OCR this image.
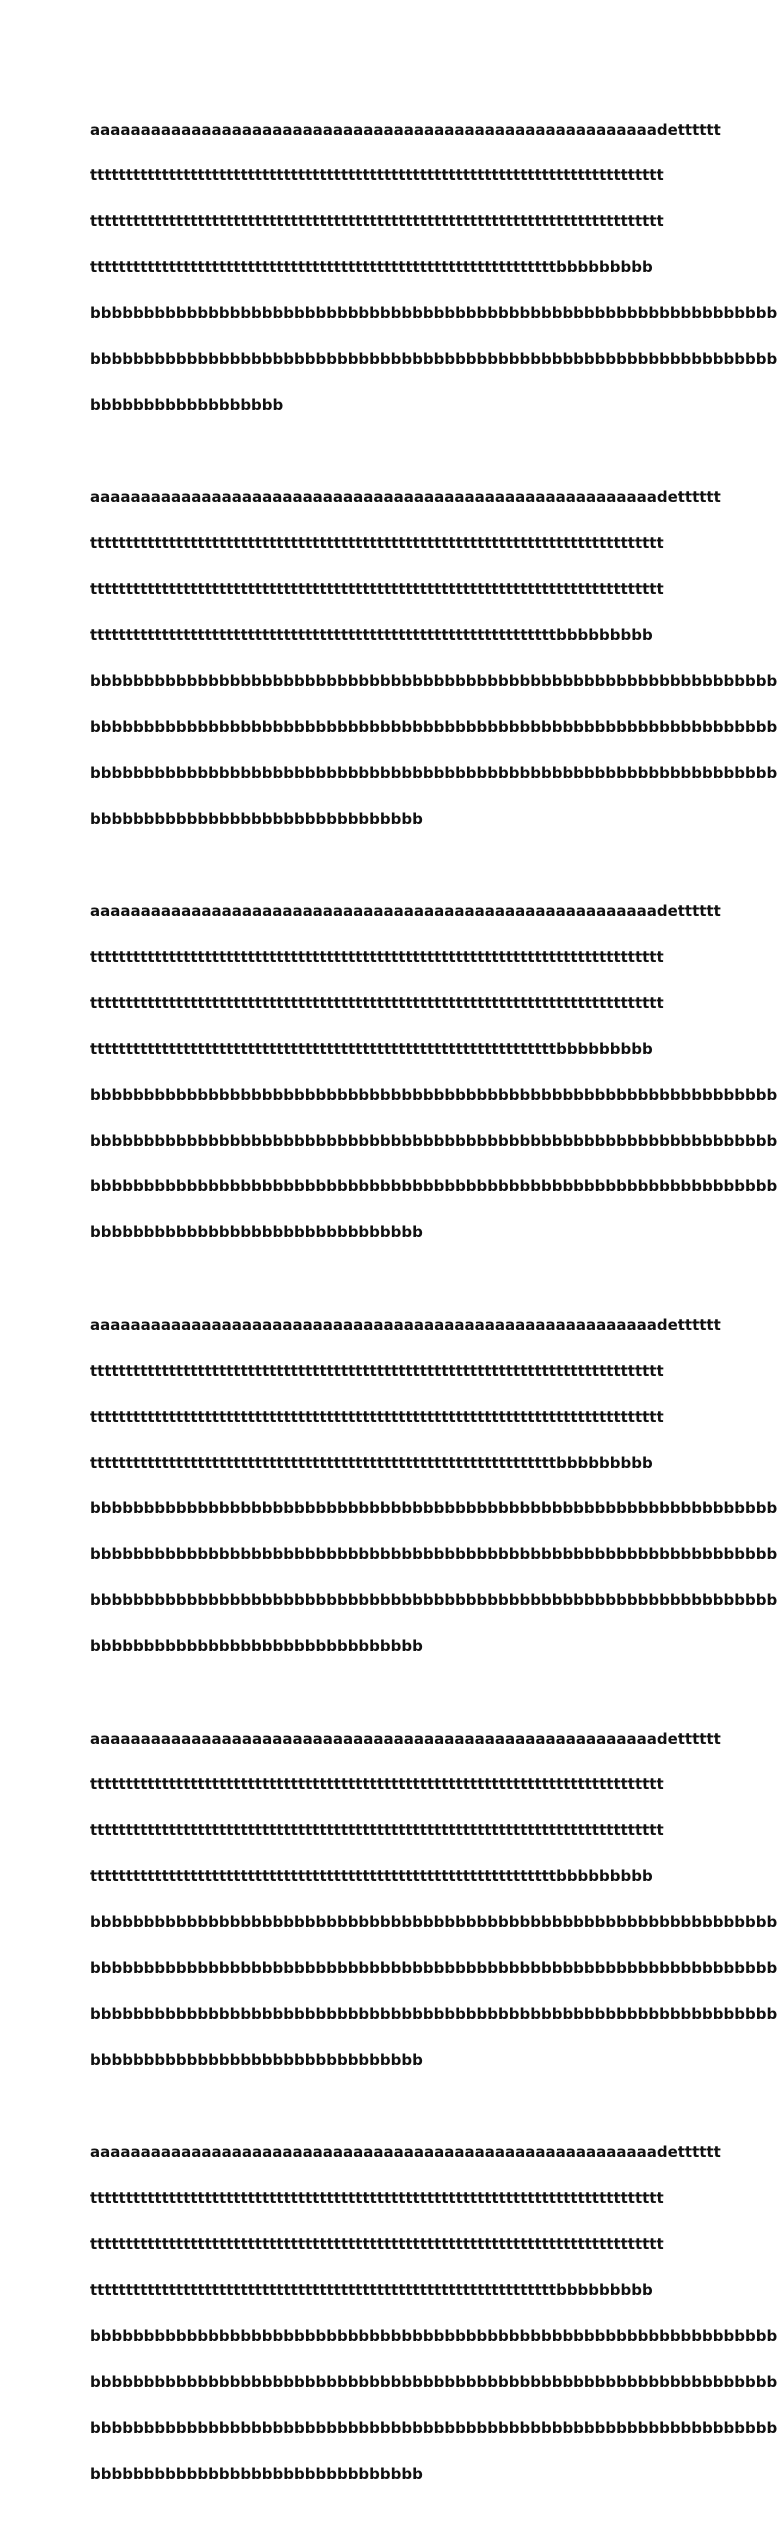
aaaaaaaaaaaaaaaaaaaaaaaaaaaaaaaaaaaaaaaaaaaaaaaaaaaaaaaadetttttt

tttttttttttttttttttttttttttttttttttttttttttttttttttttttttttttttttttttttttttttttt

tttttttttttttttttttttttttttttttttttttttttttttttttttttttttttttttttttttttttttttttt

tttttttttttttttttttttttttttttttttttttttttttttttttttttttttttttttttbbbbbbbbb

bbbbbbbbbbbbbbbbbbbbbbbbbbbbbbbbbbbbbbbbbbbbbbbbbbbbbbbbbbbbbbbb

bbbbbbbbbbbbbbbbbbbbbbbbbbbbbbbbbbbbbbbbbbbbbbbbbbbbbbbbbbbbbbbb

bbbbbbbbbbbbbbbbbb

aaaaaaaaaaaaaaaaaaaaaaaaaaaaaaaaaaaaaaaaaaaaaaaaaaaaaaaadetttttt

tttttttttttttttttttttttttttttttttttttttttttttttttttttttttttttttttttttttttttttttt

tttttttttttttttttttttttttttttttttttttttttttttttttttttttttttttttttttttttttttttttt

tttttttttttttttttttttttttttttttttttttttttttttttttttttttttttttttttbbbbbbbbb

bbbbbbbbbbbbbbbbbbbbbbbbbbbbbbbbbbbbbbbbbbbbbbbbbbbbbbbbbbbbbbbb

bbbbbbbbbbbbbbbbbbbbbbbbbbbbbbbbbbbbbbbbbbbbbbbbbbbbbbbbbbbbbbbb

bbbbbbbbbbbbbbbbbbbbbbbbbbbbbbbbbbbbbbbbbbbbbbbbbbbbbbbbbbbbbbbb

bbbbbbbbbbbbbbbbbbbbbbbbbbbbbbb

aaaaaaaaaaaaaaaaaaaaaaaaaaaaaaaaaaaaaaaaaaaaaaaaaaaaaaaadetttttt

tttttttttttttttttttttttttttttttttttttttttttttttttttttttttttttttttttttttttttttttt

tttttttttttttttttttttttttttttttttttttttttttttttttttttttttttttttttttttttttttttttt

tttttttttttttttttttttttttttttttttttttttttttttttttttttttttttttttttbbbbbbbbb

bbbbbbbbbbbbbbbbbbbbbbbbbbbbbbbbbbbbbbbbbbbbbbbbbbbbbbbbbbbbbbbb

bbbbbbbbbbbbbbbbbbbbbbbbbbbbbbbbbbbbbbbbbbbbbbbbbbbbbbbbbbbbbbbb

bbbbbbbbbbbbbbbbbbbbbbbbbbbbbbbbbbbbbbbbbbbbbbbbbbbbbbbbbbbbbbbb

bbbbbbbbbbbbbbbbbbbbbbbbbbbbbbb

aaaaaaaaaaaaaaaaaaaaaaaaaaaaaaaaaaaaaaaaaaaaaaaaaaaaaaaadetttttt

tttttttttttttttttttttttttttttttttttttttttttttttttttttttttttttttttttttttttttttttt

tttttttttttttttttttttttttttttttttttttttttttttttttttttttttttttttttttttttttttttttt

tttttttttttttttttttttttttttttttttttttttttttttttttttttttttttttttttbbbbbbbbb

bbbbbbbbbbbbbbbbbbbbbbbbbbbbbbbbbbbbbbbbbbbbbbbbbbbbbbbbbbbbbbbb

bbbbbbbbbbbbbbbbbbbbbbbbbbbbbbbbbbbbbbbbbbbbbbbbbbbbbbbbbbbbbbbb

bbbbbbbbbbbbbbbbbbbbbbbbbbbbbbbbbbbbbbbbbbbbbbbbbbbbbbbbbbbbbbbb

bbbbbbbbbbbbbbbbbbbbbbbbbbbbbbb

aaaaaaaaaaaaaaaaaaaaaaaaaaaaaaaaaaaaaaaaaaaaaaaaaaaaaaaadetttttt

tttttttttttttttttttttttttttttttttttttttttttttttttttttttttttttttttttttttttttttttt

tttttttttttttttttttttttttttttttttttttttttttttttttttttttttttttttttttttttttttttttt

tttttttttttttttttttttttttttttttttttttttttttttttttttttttttttttttttbbbbbbbbb

bbbbbbbbbbbbbbbbbbbbbbbbbbbbbbbbbbbbbbbbbbbbbbbbbbbbbbbbbbbbbbbb

bbbbbbbbbbbbbbbbbbbbbbbbbbbbbbbbbbbbbbbbbbbbbbbbbbbbbbbbbbbbbbbb

bbbbbbbbbbbbbbbbbbbbbbbbbbbbbbbbbbbbbbbbbbbbbbbbbbbbbbbbbbbbbbbb

bbbbbbbbbbbbbbbbbbbbbbbbbbbbbbb

aaaaaaaaaaaaaaaaaaaaaaaaaaaaaaaaaaaaaaaaaaaaaaaaaaaaaaaadetttttt

tttttttttttttttttttttttttttttttttttttttttttttttttttttttttttttttttttttttttttttttt

tttttttttttttttttttttttttttttttttttttttttttttttttttttttttttttttttttttttttttttttt

tttttttttttttttttttttttttttttttttttttttttttttttttttttttttttttttttbbbbbbbbb

bbbbbbbbbbbbbbbbbbbbbbbbbbbbbbbbbbbbbbbbbbbbbbbbbbbbbbbbbbbbbbbb

bbbbbbbbbbbbbbbbbbbbbbbbbbbbbbbbbbbbbbbbbbbbbbbbbbbbbbbbbbbbbbbb

bbbbbbbbbbbbbbbbbbbbbbbbbbbbbbbbbbbbbbbbbbbbbbbbbbbbbbbbbbbbbbbb

bbbbbbbbbbbbbbbbbbbbbbbbbbbbbbb
